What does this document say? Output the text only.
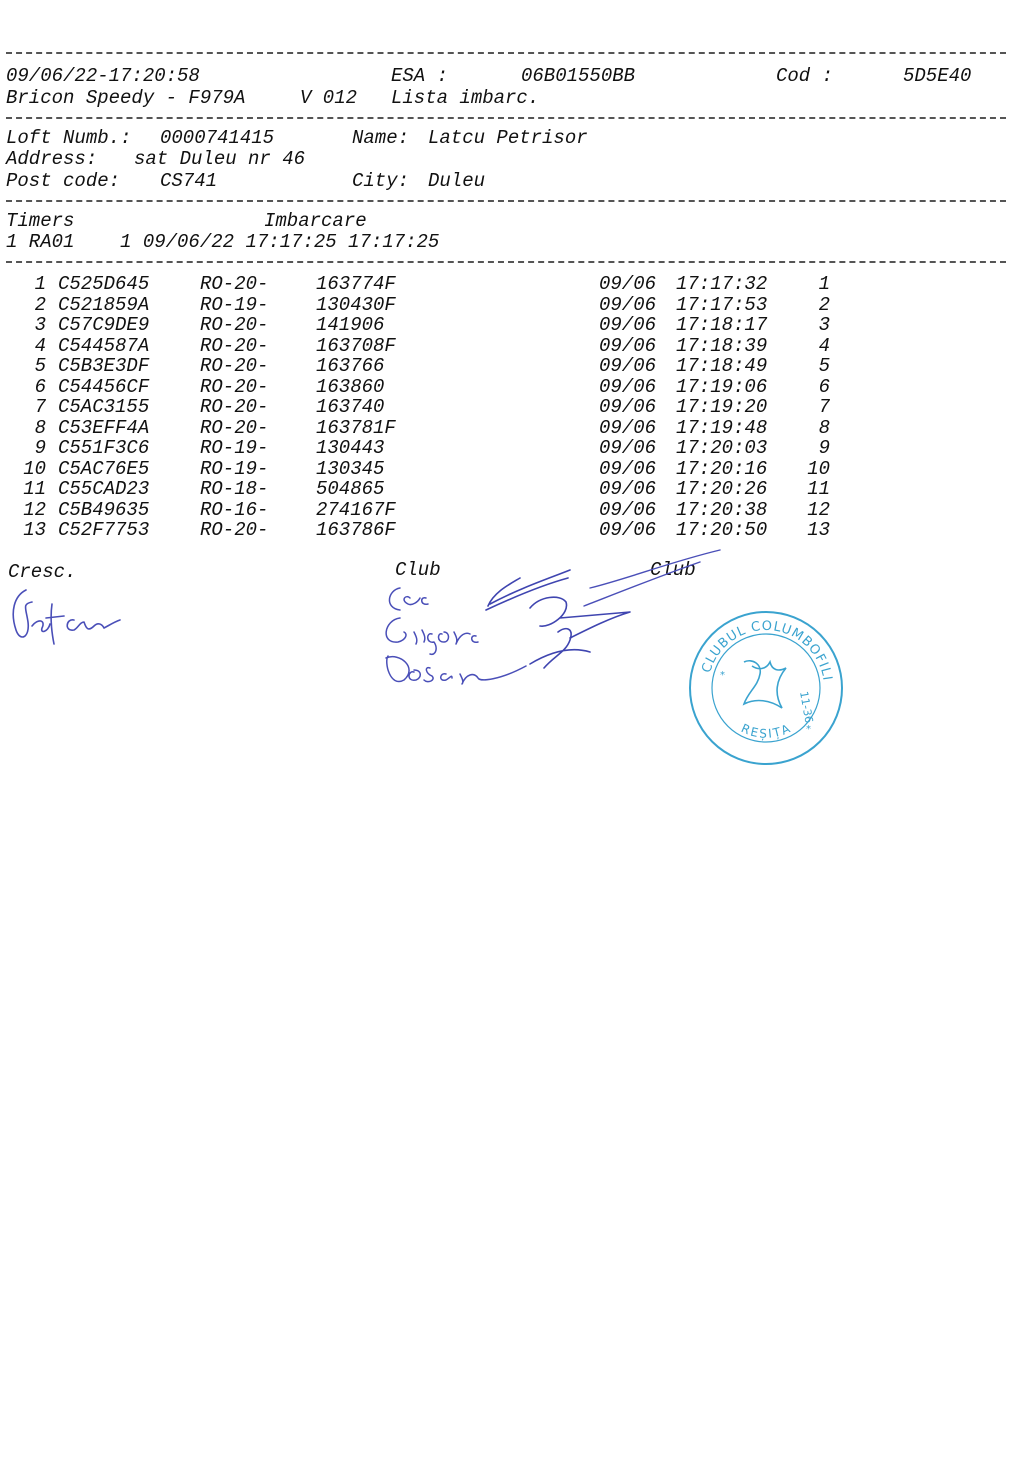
09/06/22-17:20:58	ESA :	06B01550BB	Cod :	5D5E40
Bricon Speedy - F979A	V 012 Lista imbarc.
Loft Numb.: 0000741415	Name: Latcu Petrisor
Address: sat Duleu nr 46
Post code: CS741	City: Duleu
Timers	Imbarcare
1 RA01    1 09/06/22 17:17:25 17:17:25
1 C525D645	RO-20-	163774F	09/06 17:17:32	1
2 C521859A	RO-19-	130430F	09/06 17:17:53	2
3 C57C9DE9	RO-20-	141906	09/06 17:18:17	3
4 C544587A	RO-20-	163708F	09/06 17:18:39	4
5 C5B3E3DF	RO-20-	163766	09/06 17:18:49	5
6 C54456CF	RO-20-	163860	09/06 17:19:06	6
7 C5AC3155	RO-20-	163740	09/06 17:19:20	7
8 C53EFF4A	RO-20-	163781F	09/06 17:19:48	8
9 C551F3C6	RO-19-	130443	09/06 17:20:03	9
10 C5AC76E5	RO-19-	130345	09/06 17:20:16	10
11 C55CAD23	RO-18-	504865	09/06 17:20:26	11
12 C5B49635	RO-16-	274167F	09/06 17:20:38	12
13 C52F7753	RO-20-	163786F	09/06 17:20:50	13
Cresc.	Club	Club
CLUBUL COLUMBOFILI
REȘIȚA
11-36
*
*
